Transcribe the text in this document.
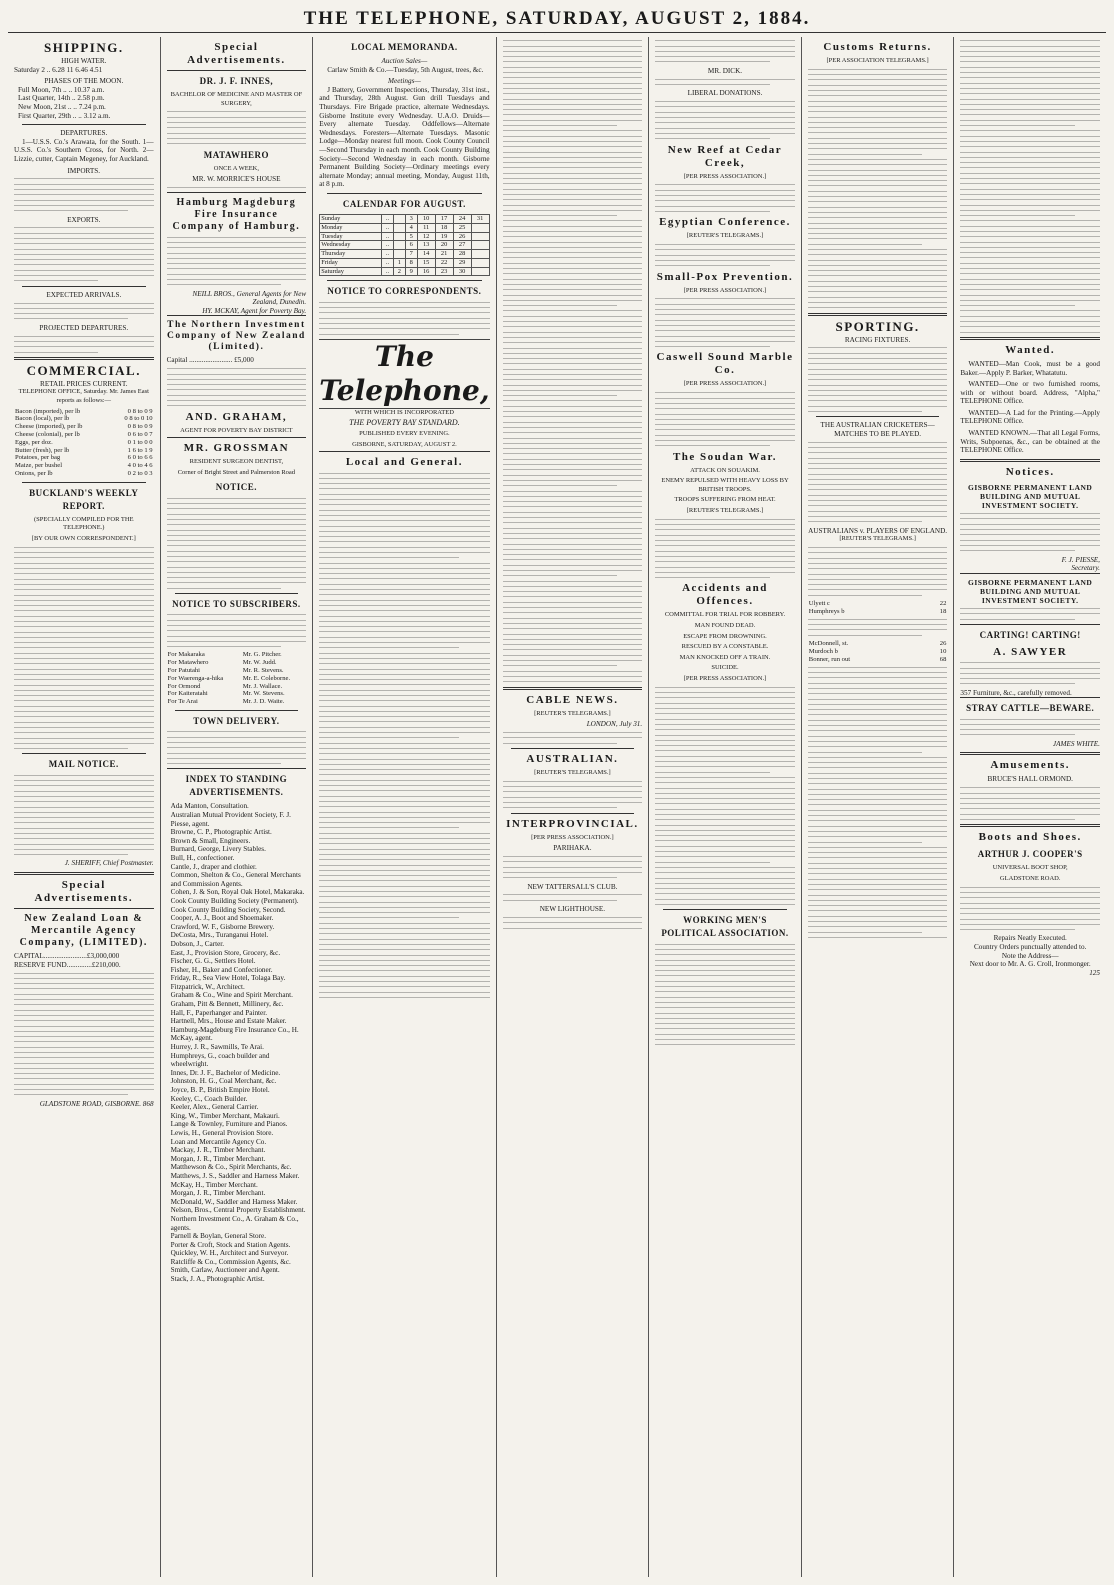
THE TELEPHONE, SATURDAY, AUGUST 2, 1884.
SHIPPING.
HIGH WATER.
Saturday 2 .. 6.28 11 6.46 4.51
PHASES OF THE MOON.
Full Moon, 7th .. .. 10.37 a.m.
Last Quarter, 14th .. 2.58 p.m.
New Moon, 21st .. .. 7.24 p.m.
First Quarter, 29th .. .. 3.12 a.m.
DEPARTURES.

1—U.S.S. Co.'s Arawata, for the South. 1—U.S.S. Co.'s Southern Cross, for North. 2—Lizzie, cutter, Captain Megeney, for Auckland.

IMPORTS.
EXPORTS.
EXPECTED ARRIVALS.
PROJECTED DEPARTURES.
COMMERCIAL.
RETAIL PRICES CURRENT.
TELEPHONE OFFICE, Saturday. Mr. James East reports as follows:—
Bacon (imported), per lb	0 8 to 0 9
Bacon (local), per lb	0 8 to 0 10
Cheese (imported), per lb	0 8 to 0 9
Cheese (colonial), per lb	0 6 to 0 7
Eggs, per doz.	0 1 to 0 0
Butter (fresh), per lb	1 6 to 1 9
Potatoes, per bag	6 0 to 6 6
Maize, per bushel	4 0 to 4 6
Onions, per lb	0 2 to 0 3
BUCKLAND'S WEEKLY REPORT.
(SPECIALLY COMPILED FOR THE TELEPHONE.)
[BY OUR OWN CORRESPONDENT.]
MAIL NOTICE.
J. SHERIFF, Chief Postmaster.
Special Advertisements.
New Zealand Loan & Mercantile Agency Company, (LIMITED).
CAPITAL........................£3,000,000
RESERVE FUND..............£210,000.
GLADSTONE ROAD, GISBORNE. 868
Special Advertisements.
DR. J. F. INNES,
BACHELOR OF MEDICINE AND MASTER OF SURGERY,
MATAWHERO
ONCE A WEEK,
MR. W. MORRICE'S HOUSE
Hamburg Magdeburg Fire Insurance Company of Hamburg.
NEILL BROS., General Agents for New Zealand, Dunedin.
HY. MCKAY, Agent for Poverty Bay.
The Northern Investment Company of New Zealand (Limited).
Capital ........................ £5,000
AND. GRAHAM,
AGENT FOR POVERTY BAY DISTRICT
MR. GROSSMAN
RESIDENT SURGEON DENTIST,
Corner of Bright Street and Palmerston Road
NOTICE.
NOTICE TO SUBSCRIBERS.
For Makaraka	Mr. G. Pitcher.
For Matawhero	Mr. W. Judd.
For Patutahi	Mr. R. Stevens.
For Waerenga-a-hika	Mr. E. Coleborne.
For Ormond	Mr. J. Wallace.
For Kaiteratahi	Mr. W. Stevens.
For Te Arai	Mr. J. D. Waite.
TOWN DELIVERY.
INDEX TO STANDING ADVERTISEMENTS.
Ada Manton, Consultation.
Australian Mutual Provident Society, F. J. Piesse, agent.
Browne, C. P., Photographic Artist.
Brown & Small, Engineers.
Burnard, George, Livery Stables.
Bull, H., confectioner.
Cantle, J., draper and clothier.
Common, Shelton & Co., General Merchants and Commission Agents.
Cohen, J. & Son, Royal Oak Hotel, Makaraka.
Cook County Building Society (Permanent).
Cook County Building Society, Second.
Cooper, A. J., Boot and Shoemaker.
Crawford, W. F., Gisborne Brewery.
DeCosta, Mrs., Turanganui Hotel.
Dobson, J., Carter.
East, J., Provision Store, Grocery, &c.
Fischer, G. G., Settlers Hotel.
Fisher, H., Baker and Confectioner.
Friday, R., Sea View Hotel, Tolaga Bay.
Fitzpatrick, W., Architect.
Graham & Co., Wine and Spirit Merchant.
Graham, Pitt & Bennett, Millinery, &c.
Hall, F., Paperhanger and Painter.
Hartnell, Mrs., House and Estate Maker.
Hamburg-Magdeburg Fire Insurance Co., H. McKay, agent.
Hurrey, J. R., Sawmills, Te Arai.
Humphreys, G., coach builder and wheelwright.
Innes, Dr. J. F., Bachelor of Medicine.
Johnston, H. G., Coal Merchant, &c.
Joyce, B. P., British Empire Hotel.
Keeley, C., Coach Builder.
Keeler, Alex., General Carrier.
King, W., Timber Merchant, Makauri.
Lange & Townley, Furniture and Pianos.
Lewis, H., General Provision Store.
Loan and Mercantile Agency Co.
Mackay, J. R., Timber Merchant.
Morgan, J. R., Timber Merchant.
Matthewson & Co., Spirit Merchants, &c.
Matthews, J. S., Saddler and Harness Maker.
McKay, H., Timber Merchant.
Morgan, J. R., Timber Merchant.
McDonald, W., Saddler and Harness Maker.
Nelson, Bros., Central Property Establishment.
Northern Investment Co., A. Graham & Co., agents.
Parnell & Boylan, General Store.
Porter & Croft, Stock and Station Agents.
Quickley, W. H., Architect and Surveyor.
Ratcliffe & Co., Commission Agents, &c.
Smith, Carlaw, Auctioneer and Agent.
Stack, J. A., Photographic Artist.
LOCAL MEMORANDA.
Auction Sales—

Carlaw Smith & Co.—Tuesday, 5th August, trees, &c.

Meetings—

J Battery, Government Inspections, Thursday, 31st inst., and Thursday, 28th August. Gun drill Tuesdays and Thursdays. Fire Brigade practice, alternate Wednesdays. Gisborne Institute every Wednesday. U.A.O. Druids—Every alternate Tuesday. Oddfellows—Alternate Wednesdays. Foresters—Alternate Tuesdays. Masonic Lodge—Monday nearest full moon. Cook County Council—Second Thursday in each month. Cook County Building Society—Second Wednesday in each month. Gisborne Permanent Building Society—Ordinary meetings every alternate Monday; annual meeting, Monday, August 11th, at 8 p.m.

CALENDAR FOR AUGUST.
Sunday	..		3	10	17	24	31
Monday	..		4	11	18	25	
Tuesday	..		5	12	19	26	
Wednesday	..		6	13	20	27	
Thursday	..		7	14	21	28	
Friday	..	1	8	15	22	29	
Saturday	..	2	9	16	23	30	
NOTICE TO CORRESPONDENTS.
The Telephone,
WITH WHICH IS INCORPORATED
THE POVERTY BAY STANDARD.
PUBLISHED EVERY EVENING.
GISBORNE, SATURDAY, AUGUST 2.
Local and General.
CABLE NEWS.
[REUTER'S TELEGRAMS.]
LONDON, July 31.
AUSTRALIAN.
[REUTER'S TELEGRAMS.]
INTERPROVINCIAL.
[PER PRESS ASSOCIATION.]
PARIHAKA.
NEW TATTERSALL'S CLUB.
NEW LIGHTHOUSE.
MR. DICK.
LIBERAL DONATIONS.
New Reef at Cedar Creek,
[PER PRESS ASSOCIATION.]
Egyptian Conference.
[REUTER'S TELEGRAMS.]
Small-Pox Prevention.
[PER PRESS ASSOCIATION.]
Caswell Sound Marble Co.
[PER PRESS ASSOCIATION.]
The Soudan War.
ATTACK ON SOUAKIM.
ENEMY REPULSED WITH HEAVY LOSS BY BRITISH TROOPS.
TROOPS SUFFERING FROM HEAT.
[REUTER'S TELEGRAMS.]
Accidents and Offences.
COMMITTAL FOR TRIAL FOR ROBBERY.
MAN FOUND DEAD.
ESCAPE FROM DROWNING.
RESCUED BY A CONSTABLE.
MAN KNOCKED OFF A TRAIN.
SUICIDE.
[PER PRESS ASSOCIATION.]
WORKING MEN'S POLITICAL ASSOCIATION.
Customs Returns.
[PER ASSOCIATION TELEGRAMS.]
SPORTING.
RACING FIXTURES.
THE AUSTRALIAN CRICKETERS—MATCHES TO BE PLAYED.
AUSTRALIANS v. PLAYERS OF ENGLAND.
[REUTER'S TELEGRAMS.]
Ulyett c	22
Humphreys b	18
McDonnell, st.	26
Murdoch b	10
Bonner, run out	68
Wanted.

WANTED—Man Cook, must be a good Baker.—Apply P. Barker, Whatatutu.

WANTED—One or two furnished rooms, with or without board. Address, "Alpha," TELEPHONE Office.

WANTED—A Lad for the Printing.—Apply TELEPHONE Office.

WANTED KNOWN.—That all Legal Forms, Writs, Subpoenas, &c., can be obtained at the TELEPHONE Office.

Notices.
GISBORNE PERMANENT LAND BUILDING AND MUTUAL INVESTMENT SOCIETY.
F. J. PIESSE,
Secretary.
GISBORNE PERMANENT LAND BUILDING AND MUTUAL INVESTMENT SOCIETY.
CARTING! CARTING!
A. SAWYER
357 Furniture, &c., carefully removed.
STRAY CATTLE—BEWARE.
JAMES WHITE.
Amusements.
BRUCE'S HALL ORMOND.
Boots and Shoes.
ARTHUR J. COOPER'S
UNIVERSAL BOOT SHOP,
GLADSTONE ROAD.
Repairs Neatly Executed.
Country Orders punctually attended to.
Note the Address—
Next door to Mr. A. G. Croll, Ironmonger.
125
